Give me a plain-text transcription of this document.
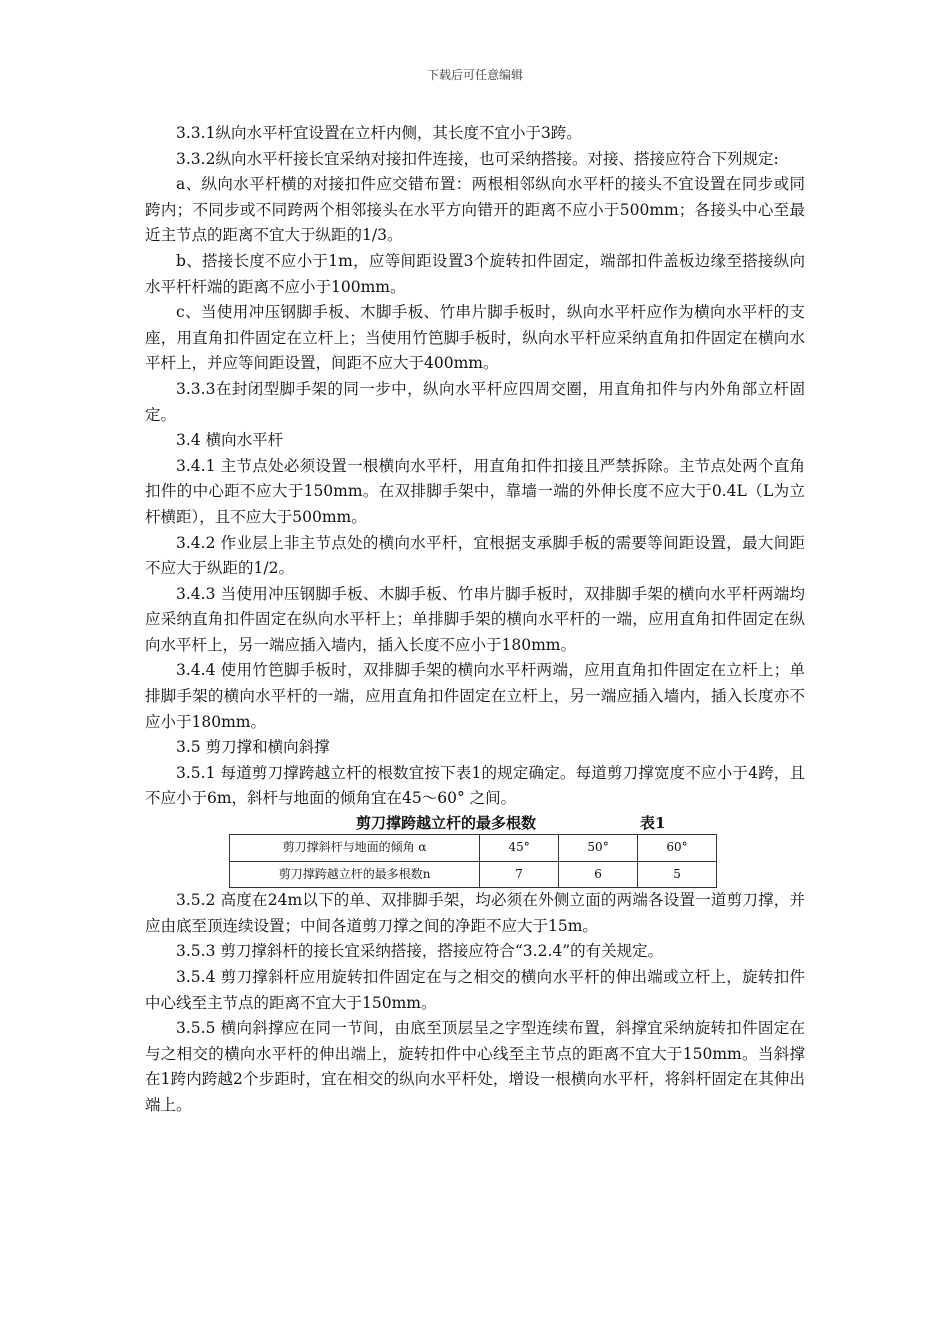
下载后可任意编辑

3.3.1纵向水平杆宜设置在立杆内侧，其长度不宜小于3跨。

3.3.2纵向水平杆接长宜采纳对接扣件连接，也可采纳搭接。对接、搭接应符合下列规定:

a、纵向水平杆横的对接扣件应交错布置：两根相邻纵向水平杆的接头不宜设置在同步或同跨内；不同步或不同跨两个相邻接头在水平方向错开的距离不应小于500mm；各接头中心至最近主节点的距离不宜大于纵距的1/3。

b、搭接长度不应小于1m，应等间距设置3个旋转扣件固定，端部扣件盖板边缘至搭接纵向水平杆杆端的距离不应小于100mm。

c、当使用冲压钢脚手板、木脚手板、竹串片脚手板时，纵向水平杆应作为横向水平杆的支座，用直角扣件固定在立杆上；当使用竹笆脚手板时，纵向水平杆应采纳直角扣件固定在横向水平杆上，并应等间距设置，间距不应大于400mm。

3.3.3在封闭型脚手架的同一步中，纵向水平杆应四周交圈，用直角扣件与内外角部立杆固定。

3.4 横向水平杆

3.4.1 主节点处必须设置一根横向水平杆，用直角扣件扣接且严禁拆除。主节点处两个直角扣件的中心距不应大于150mm。在双排脚手架中，靠墙一端的外伸长度不应大于0.4L（L为立杆横距），且不应大于500mm。

3.4.2 作业层上非主节点处的横向水平杆，宜根据支承脚手板的需要等间距设置，最大间距不应大于纵距的1/2。

3.4.3 当使用冲压钢脚手板、木脚手板、竹串片脚手板时，双排脚手架的横向水平杆两端均应采纳直角扣件固定在纵向水平杆上；单排脚手架的横向水平杆的一端，应用直角扣件固定在纵向水平杆上，另一端应插入墙内，插入长度不应小于180mm。

3.4.4 使用竹笆脚手板时，双排脚手架的横向水平杆两端，应用直角扣件固定在立杆上；单排脚手架的横向水平杆的一端，应用直角扣件固定在立杆上，另一端应插入墙内，插入长度亦不应小于180mm。

3.5 剪刀撑和横向斜撑

3.5.1 每道剪刀撑跨越立杆的根数宜按下表1的规定确定。每道剪刀撑宽度不应小于4跨，且不应小于6m，斜杆与地面的倾角宜在45～60° 之间。

剪刀撑跨越立杆的最多根数	表1
剪刀撑斜杆与地面的倾角 α	45°	50°	60°
剪刀撑跨越立杆的最多根数n	7	6	5

3.5.2 高度在24m以下的单、双排脚手架，均必须在外侧立面的两端各设置一道剪刀撑，并应由底至顶连续设置；中间各道剪刀撑之间的净距不应大于15m。

3.5.3 剪刀撑斜杆的接长宜采纳搭接，搭接应符合“3.2.4”的有关规定。

3.5.4 剪刀撑斜杆应用旋转扣件固定在与之相交的横向水平杆的伸出端或立杆上，旋转扣件中心线至主节点的距离不宜大于150mm。

3.5.5 横向斜撑应在同一节间，由底至顶层呈之字型连续布置，斜撑宜采纳旋转扣件固定在与之相交的横向水平杆的伸出端上，旋转扣件中心线至主节点的距离不宜大于150mm。当斜撑在1跨内跨越2个步距时，宜在相交的纵向水平杆处，增设一根横向水平杆，将斜杆固定在其伸出端上。
